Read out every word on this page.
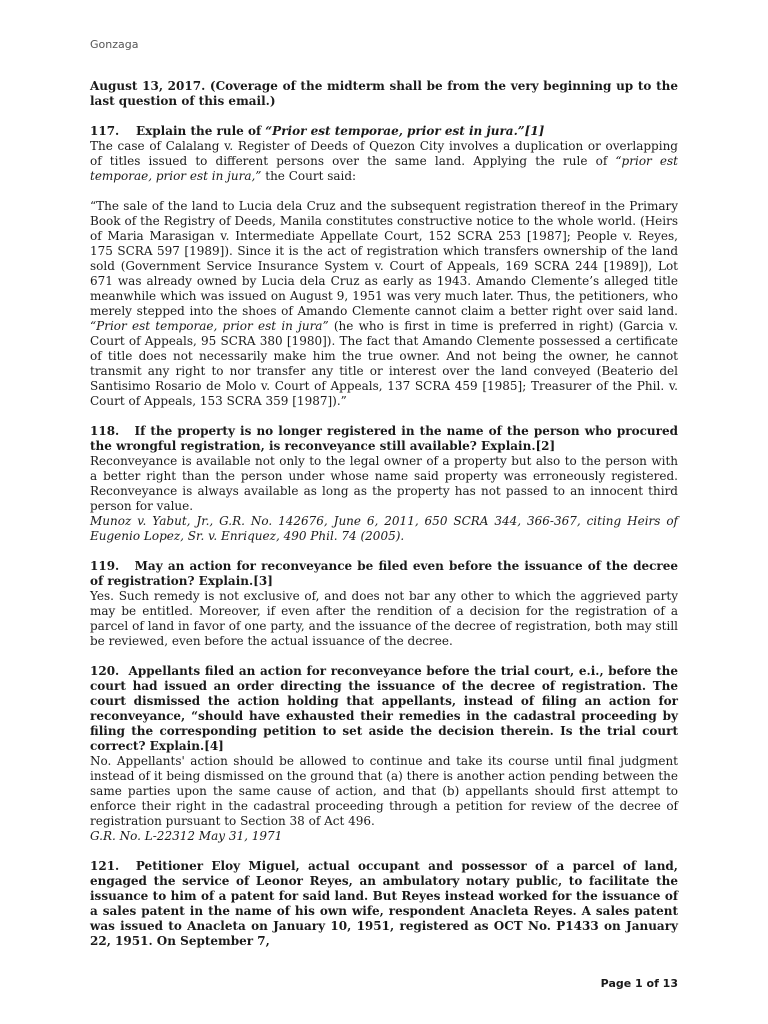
Gonzaga

August 13, 2017. (Coverage of the midterm shall be from the very beginning up to the last question of this email.)

117. Explain the rule of “Prior est temporae, prior est in jura.”[1]

The case of Calalang v. Register of Deeds of Quezon City involves a duplication or overlapping of titles issued to different persons over the same land. Applying the rule of “prior est temporae, prior est in jura,” the Court said:

“The sale of the land to Lucia dela Cruz and the subsequent registration thereof in the Primary Book of the Registry of Deeds, Manila constitutes constructive notice to the whole world. (Heirs of Maria Marasigan v. Intermediate Appellate Court, 152 SCRA 253 [1987]; People v. Reyes, 175 SCRA 597 [1989]). Since it is the act of registration which transfers ownership of the land sold (Government Service Insurance System v. Court of Appeals, 169 SCRA 244 [1989]), Lot 671 was already owned by Lucia dela Cruz as early as 1943. Amando Clemente’s alleged title meanwhile which was issued on August 9, 1951 was very much later. Thus, the petitioners, who merely stepped into the shoes of Amando Clemente cannot claim a better right over said land. “Prior est temporae, prior est in jura” (he who is first in time is preferred in right) (Garcia v. Court of Appeals, 95 SCRA 380 [1980]). The fact that Amando Clemente possessed a certificate of title does not necessarily make him the true owner. And not being the owner, he cannot transmit any right to nor transfer any title or interest over the land conveyed (Beaterio del Santisimo Rosario de Molo v. Court of Appeals, 137 SCRA 459 [1985]; Treasurer of the Phil. v. Court of Appeals, 153 SCRA 359 [1987]).”

118.   If the property is no longer registered in the name of the person who procured the wrongful registration, is reconveyance still available? Explain.[2]

Reconveyance is available not only to the legal owner of a property but also to the person with a better right than the person under whose name said property was erroneously registered. Reconveyance is always available as long as the property has not passed to an innocent third person for value.

Munoz v. Yabut, Jr., G.R. No. 142676, June 6, 2011, 650 SCRA 344, 366-367, citing Heirs of Eugenio Lopez, Sr. v. Enriquez, 490 Phil. 74 (2005).

119.   May an action for reconveyance be filed even before the issuance of the decree of registration? Explain.[3]

Yes. Such remedy is not exclusive of, and does not bar any other to which the aggrieved party may be entitled. Moreover, if even after the rendition of a decision for the registration of a parcel of land in favor of one party, and the issuance of the decree of registration, both may still be reviewed, even before the actual issuance of the decree.

120.  Appellants filed an action for reconveyance before the trial court, e.i., before the court had issued an order directing the issuance of the decree of registration. The court dismissed the action holding that appellants, instead of filing an action for reconveyance, “should have exhausted their remedies in the cadastral proceeding by filing the corresponding petition to set aside the decision therein. Is the trial court correct? Explain.[4]

No. Appellants' action should be allowed to continue and take its course until final judgment instead of it being dismissed on the ground that (a) there is another action pending between the same parties upon the same cause of action, and that (b) appellants should first attempt to enforce their right in the cadastral proceeding through a petition for review of the decree of registration pursuant to Section 38 of Act 496.

G.R. No. L-22312 May 31, 1971

121.  Petitioner Eloy Miguel, actual occupant and possessor of a parcel of land, engaged the service of Leonor Reyes, an ambulatory notary public, to facilitate the issuance to him of a patent for said land. But Reyes instead worked for the issuance of a sales patent in the name of his own wife, respondent Anacleta Reyes. A sales patent was issued to Anacleta on January 10, 1951, registered as OCT No. P1433 on January 22, 1951. On September 7,

Page 1 of 13
